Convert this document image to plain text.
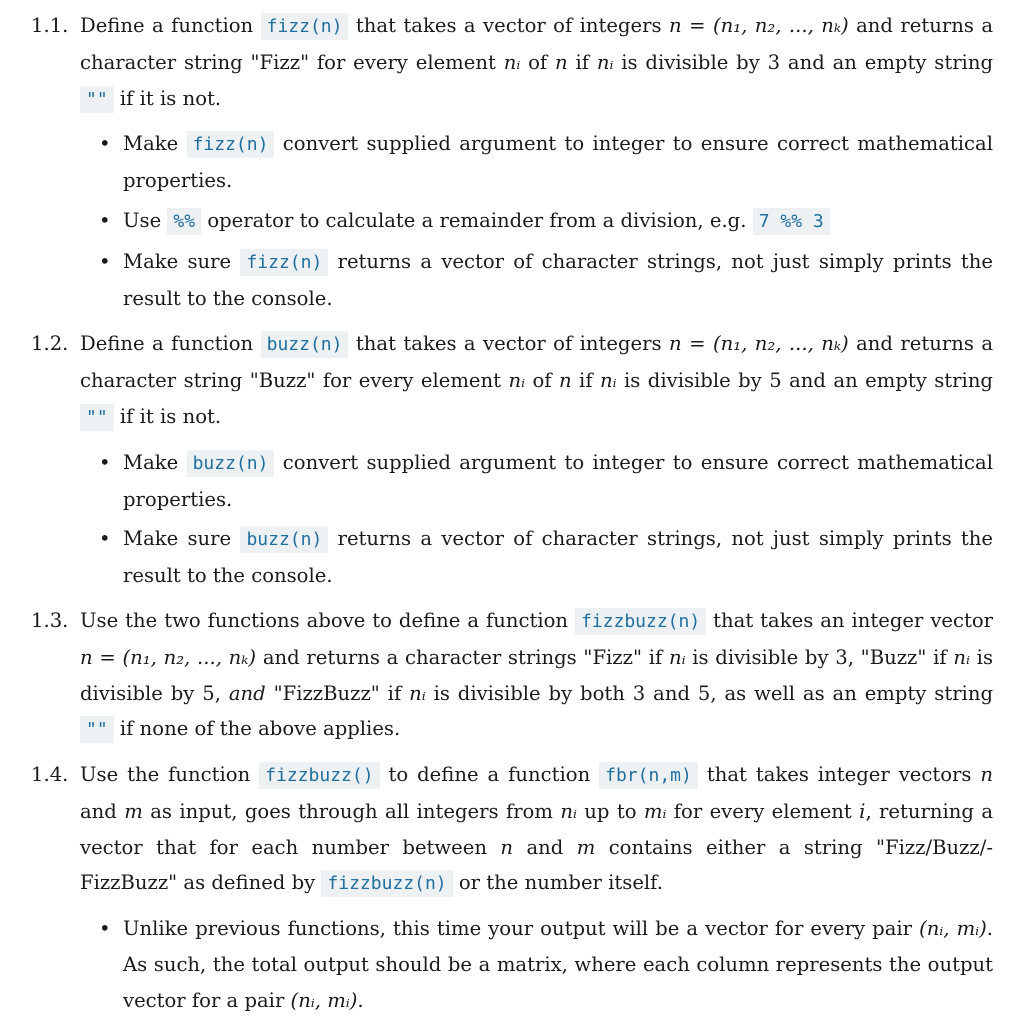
1.1. Define a function fizz(n) that takes a vector of integers n = (n₁, n₂, ..., nₖ) and returns a character string "Fizz" for every element nᵢ of n if nᵢ is divisible by 3 and an empty string "" if it is not.
• Make fizz(n) convert supplied argument to integer to ensure correct mathematical properties.
• Use %% operator to calculate a remainder from a division, e.g. 7 %% 3
• Make sure fizz(n) returns a vector of character strings, not just simply prints the result to the console.
1.2. Define a function buzz(n) that takes a vector of integers n = (n₁, n₂, ..., nₖ) and returns a character string "Buzz" for every element nᵢ of n if nᵢ is divisible by 5 and an empty string "" if it is not.
• Make buzz(n) convert supplied argument to integer to ensure correct mathematical properties.
• Make sure buzz(n) returns a vector of character strings, not just simply prints the result to the console.
1.3. Use the two functions above to define a function fizzbuzz(n) that takes an integer vector n = (n₁, n₂, ..., nₖ) and returns a character strings "Fizz" if nᵢ is divisible by 3, "Buzz" if nᵢ is divisible by 5, and "FizzBuzz" if nᵢ is divisible by both 3 and 5, as well as an empty string "" if none of the above applies.
1.4. Use the function fizzbuzz() to define a function fbr(n,m) that takes integer vectors n and m as input, goes through all integers from nᵢ up to mᵢ for every element i, returning a vector that for each number between n and m contains either a string "Fizz/Buzz/-FizzBuzz" as defined by fizzbuzz(n) or the number itself.
• Unlike previous functions, this time your output will be a vector for every pair (nᵢ, mᵢ). As such, the total output should be a matrix, where each column represents the output vector for a pair (nᵢ, mᵢ).
